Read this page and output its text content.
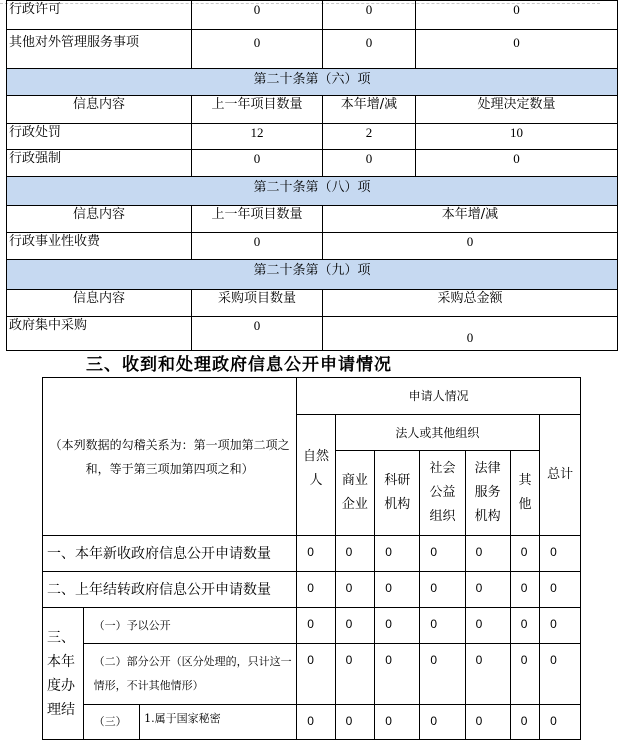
行政许可	0	0	0
其他对外管理服务事项	0	0	0
第二十条第（六）项			
信息内容	上一年项目数量	本年增/减	处理决定数量
行政处罚	12	2	10
行政强制	0	0	0
第二十条第（八）项			
信息内容	上一年项目数量	本年增/减	
行政事业性收费	0	0	
第二十条第（九）项			
信息内容	采购项目数量	采购总金额	
政府集中采购	0	0	
三、收到和处理政府信息公开申请情况
（本列数据的勾稽关系为：第一项加第二项之和，等于第三项加第四项之和）			申请人情况						
			自然人	法人或其他组织					总计
				商业企业	科研机构	社会公益组织	法律服务机构	其他	
一、本年新收政府信息公开申请数量			0	0	0	0	0	0	0
二、上年结转政府信息公开申请数量			0	0	0	0	0	0	0
三、本年度办理结	（一）予以公开		0	0	0	0	0	0	0
	（二）部分公开（区分处理的，只计这一情形，不计其他情形）		0	0	0	0	0	0	0
	（三）	1.属于国家秘密	0	0	0	0	0	0	0
